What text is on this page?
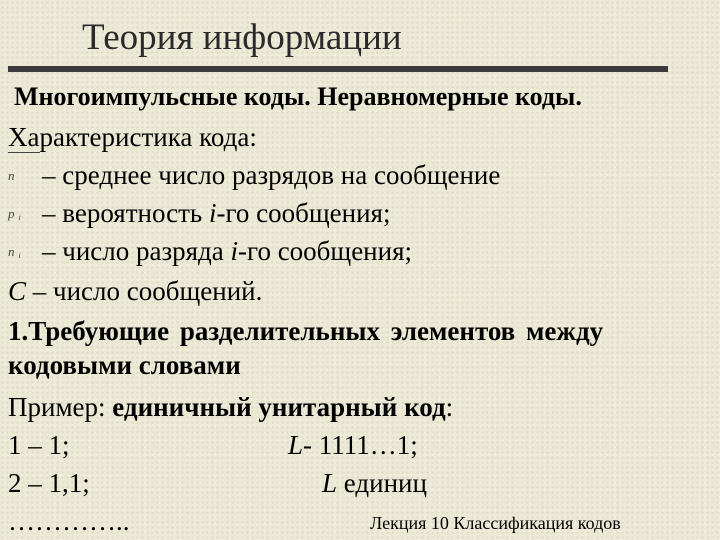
Теория информации
Многоимпульсные коды. Неравномерные коды.
Характеристика кода:
n – среднее число разрядов на сообщение
p $_i$ – вероятность i-го сообщения;
n $_i$ – число разряда i-го сообщения;
С – число сообщений.
1.Требующие разделительных элементов между
кодовыми словами
Пример: единичный унитарный код:
1 – 1;	L- 1111…1;
2 – 1,1;	L единиц
…………..	Лекция 10 Классификация кодов
